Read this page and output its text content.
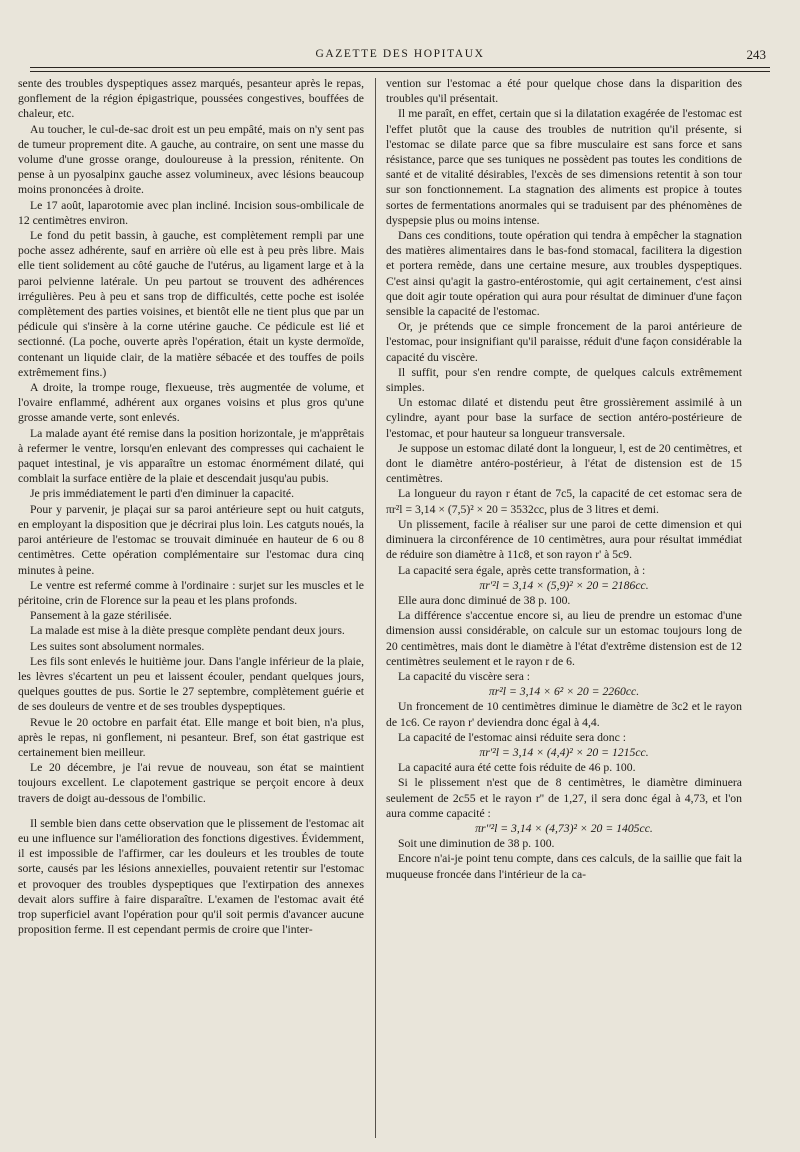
GAZETTE DES HOPITAUX	243

sente des troubles dyspeptiques assez marqués, pesanteur après le repas, gonflement de la région épigastrique, poussées congestives, bouffées de chaleur, etc.

Au toucher, le cul-de-sac droit est un peu empâté, mais on n'y sent pas de tumeur proprement dite. A gauche, au contraire, on sent une masse du volume d'une grosse orange, douloureuse à la pression, rénitente. On pense à un pyosalpinx gauche assez volumineux, avec lésions beaucoup moins prononcées à droite.

Le 17 août, laparotomie avec plan incliné. Incision sous-ombilicale de 12 centimètres environ.

Le fond du petit bassin, à gauche, est complètement rempli par une poche assez adhérente, sauf en arrière où elle est à peu près libre. Mais elle tient solidement au côté gauche de l'utérus, au ligament large et à la paroi pelvienne latérale. Un peu partout se trouvent des adhérences irrégulières. Peu à peu et sans trop de difficultés, cette poche est isolée complètement des parties voisines, et bientôt elle ne tient plus que par un pédicule qui s'insère à la corne utérine gauche. Ce pédicule est lié et sectionné. (La poche, ouverte après l'opération, était un kyste dermoïde, contenant un liquide clair, de la matière sébacée et des touffes de poils extrêmement fins.)

A droite, la trompe rouge, flexueuse, très augmentée de volume, et l'ovaire enflammé, adhérent aux organes voisins et plus gros qu'une grosse amande verte, sont enlevés.

La malade ayant été remise dans la position horizontale, je m'apprêtais à refermer le ventre, lorsqu'en enlevant des compresses qui cachaient le paquet intestinal, je vis apparaître un estomac énormément dilaté, qui comblait la surface entière de la plaie et descendait jusqu'au pubis.

Je pris immédiatement le parti d'en diminuer la capacité.

Pour y parvenir, je plaçai sur sa paroi antérieure sept ou huit catguts, en employant la disposition que je décrirai plus loin. Les catguts noués, la paroi antérieure de l'estomac se trouvait diminuée en hauteur de 6 ou 8 centimètres. Cette opération complémentaire sur l'estomac dura cinq minutes à peine.

Le ventre est refermé comme à l'ordinaire : surjet sur les muscles et le péritoine, crin de Florence sur la peau et les plans profonds.

Pansement à la gaze stérilisée.

La malade est mise à la diète presque complète pendant deux jours.

Les suites sont absolument normales.

Les fils sont enlevés le huitième jour. Dans l'angle inférieur de la plaie, les lèvres s'écartent un peu et laissent écouler, pendant quelques jours, quelques gouttes de pus. Sortie le 27 septembre, complètement guérie et de ses douleurs de ventre et de ses troubles dyspeptiques.

Revue le 20 octobre en parfait état. Elle mange et boit bien, n'a plus, après le repas, ni gonflement, ni pesanteur. Bref, son état gastrique est certainement bien meilleur.

Le 20 décembre, je l'ai revue de nouveau, son état se maintient toujours excellent. Le clapotement gastrique se perçoit encore à deux travers de doigt au-dessous de l'ombilic.

Il semble bien dans cette observation que le plissement de l'estomac ait eu une influence sur l'amélioration des fonctions digestives. Évidemment, il est impossible de l'affirmer, car les douleurs et les troubles de toute sorte, causés par les lésions annexielles, pouvaient retentir sur l'estomac et provoquer des troubles dyspeptiques que l'extirpation des annexes devait alors suffire à faire disparaître. L'examen de l'estomac avait été trop superficiel avant l'opération pour qu'il soit permis d'avancer aucune proposition ferme. Il est cependant permis de croire que l'inter-

vention sur l'estomac a été pour quelque chose dans la disparition des troubles qu'il présentait.

Il me paraît, en effet, certain que si la dilatation exagérée de l'estomac est l'effet plutôt que la cause des troubles de nutrition qu'il présente, si l'estomac se dilate parce que sa fibre musculaire est sans force et sans résistance, parce que ses tuniques ne possèdent pas toutes les conditions de santé et de vitalité désirables, l'excès de ses dimensions retentit à son tour sur son fonctionnement. La stagnation des aliments est propice à toutes sortes de fermentations anormales qui se traduisent par des phénomènes de dyspepsie plus ou moins intense.

Dans ces conditions, toute opération qui tendra à empêcher la stagnation des matières alimentaires dans le bas-fond stomacal, facilitera la digestion et portera remède, dans une certaine mesure, aux troubles dyspeptiques. C'est ainsi qu'agit la gastro-entérostomie, qui agit certainement, c'est ainsi que doit agir toute opération qui aura pour résultat de diminuer d'une façon sensible la capacité de l'estomac.

Or, je prétends que ce simple froncement de la paroi antérieure de l'estomac, pour insignifiant qu'il paraisse, réduit d'une façon considérable la capacité du viscère.

Il suffit, pour s'en rendre compte, de quelques calculs extrêmement simples.

Un estomac dilaté et distendu peut être grossièrement assimilé à un cylindre, ayant pour base la surface de section antéro-postérieure de l'estomac, et pour hauteur sa longueur transversale.

Je suppose un estomac dilaté dont la longueur, l, est de 20 centimètres, et dont le diamètre antéro-postérieur, à l'état de distension est de 15 centimètres.

La longueur du rayon r étant de 7c5, la capacité de cet estomac sera de πr²l = 3,14 × (7,5)² × 20 = 3532cc, plus de 3 litres et demi.

Un plissement, facile à réaliser sur une paroi de cette dimension et qui diminuera la circonférence de 10 centimètres, aura pour résultat immédiat de réduire son diamètre à 11c8, et son rayon r' à 5c9.

La capacité sera égale, après cette transformation, à :

πr'²l = 3,14 × (5,9)² × 20 = 2186cc.

Elle aura donc diminué de 38 p. 100.

La différence s'accentue encore si, au lieu de prendre un estomac d'une dimension aussi considérable, on calcule sur un estomac toujours long de 20 centimètres, mais dont le diamètre à l'état d'extrême distension est de 12 centimètres seulement et le rayon r de 6.

La capacité du viscère sera :

πr²l = 3,14 × 6² × 20 = 2260cc.

Un froncement de 10 centimètres diminue le diamètre de 3c2 et le rayon de 1c6. Ce rayon r' deviendra donc égal à 4,4.

La capacité de l'estomac ainsi réduite sera donc :

πr'²l = 3,14 × (4,4)² × 20 = 1215cc.

La capacité aura été cette fois réduite de 46 p. 100.

Si le plissement n'est que de 8 centimètres, le diamètre diminuera seulement de 2c55 et le rayon r'' de 1,27, il sera donc égal à 4,73, et l'on aura comme capacité :

πr''²l = 3,14 × (4,73)² × 20 = 1405cc.

Soit une diminution de 38 p. 100.

Encore n'ai-je point tenu compte, dans ces calculs, de la saillie que fait la muqueuse froncée dans l'intérieur de la ca-
